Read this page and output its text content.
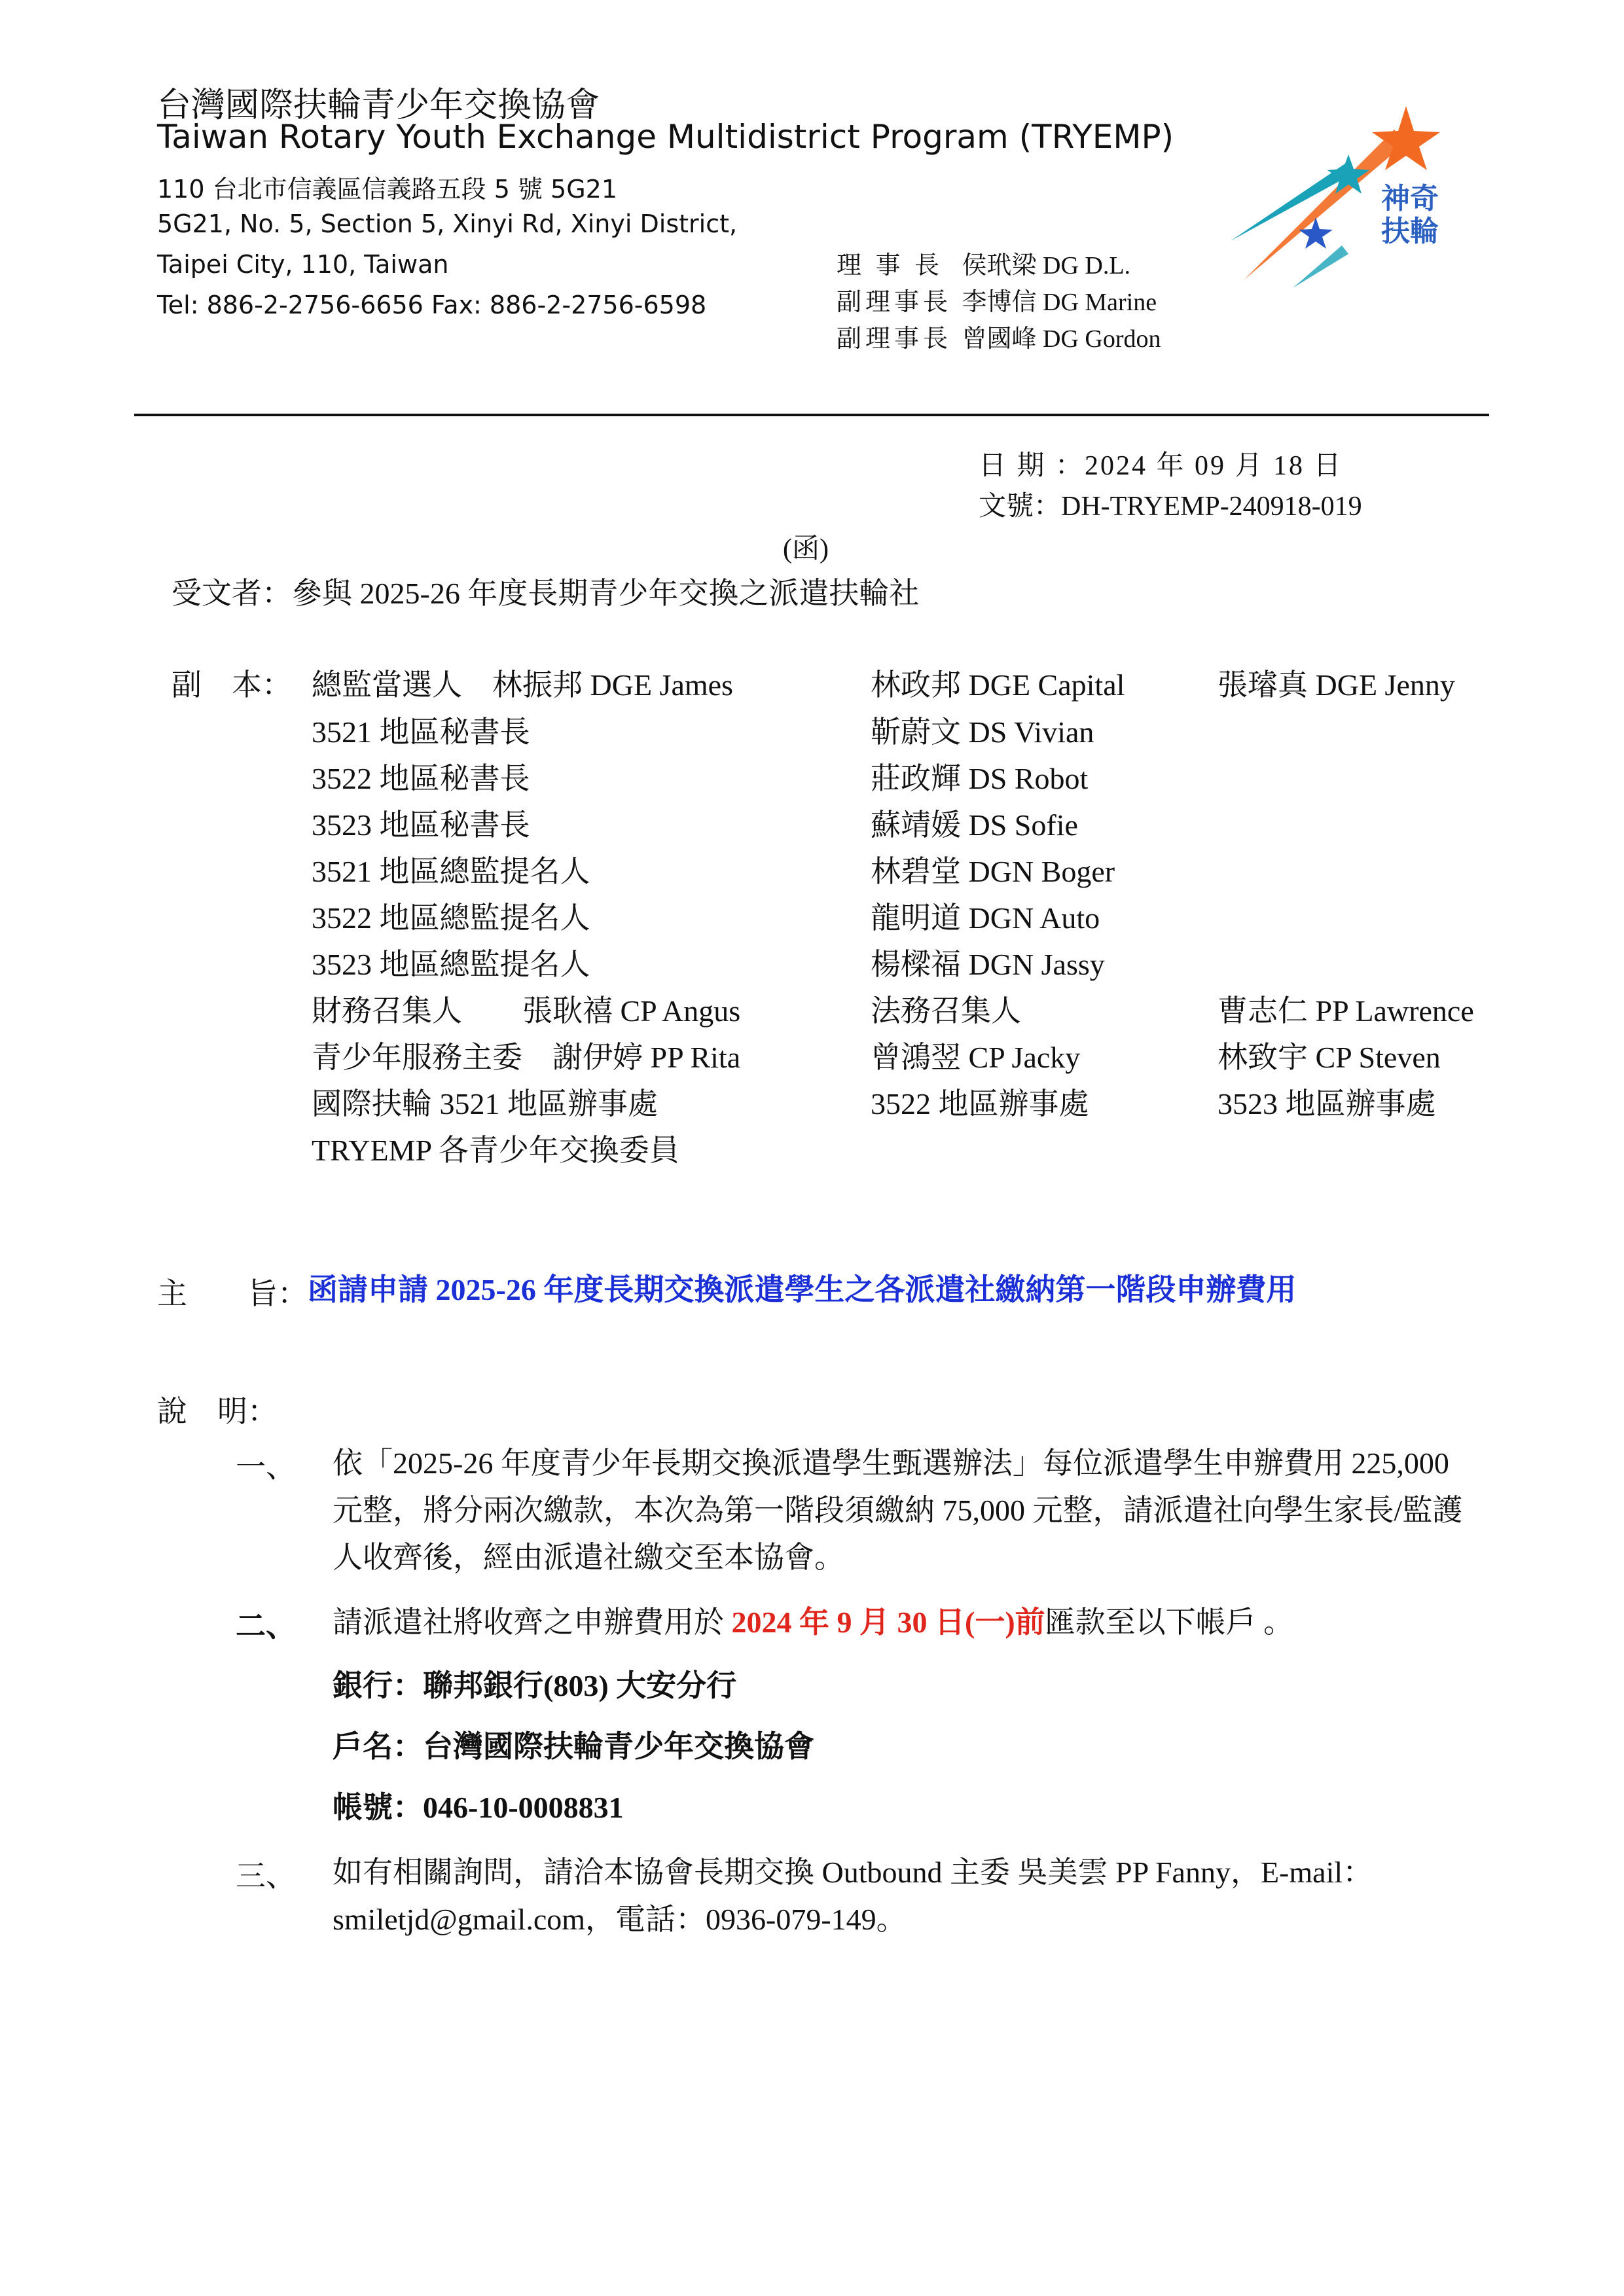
台灣國際扶輪青少年交換協會
Taiwan Rotary Youth Exchange Multidistrict Program (TRYEMP)
110 台北市信義區信義路五段 5 號 5G21
5G21, No. 5, Section 5, Xinyi Rd, Xinyi District,
Taipei City, 110, Taiwan
Tel: 886-2-2756-6656 Fax: 886-2-2756-6598
理 事 長 侯玳梁 DG D.L.
副理事長 李博信 DG Marine
副理事長 曾國峰 DG Gordon
神奇
扶輪
日 期 ：2024 年 09 月 18 日
文號：DH-TRYEMP-240918-019
(函)
受文者：參與 2025-26 年度長期青少年交換之派遣扶輪社
副　本： 總監當選人　林振邦 DGE James
3521 地區秘書長
3522 地區秘書長
3523 地區秘書長
3521 地區總監提名人
3522 地區總監提名人
3523 地區總監提名人
財務召集人　　張耿禧 CP Angus
青少年服務主委　謝伊婷 PP Rita
國際扶輪 3521 地區辦事處
TRYEMP 各青少年交換委員
林政邦 DGE Capital
靳蔚文 DS Vivian
莊政輝 DS Robot
蘇靖媛 DS Sofie
林碧堂 DGN Boger
龍明道 DGN Auto
楊樑福 DGN Jassy
法務召集人
曾鴻翌 CP Jacky
3522 地區辦事處
張璿真 DGE Jenny
曹志仁 PP Lawrence
林致宇 CP Steven
3523 地區辦事處
主　　旨： 函請申請 2025-26 年度長期交換派遣學生之各派遣社繳納第一階段申辦費用
說　明：
一、 依「2025-26 年度青少年長期交換派遣學生甄選辦法」每位派遣學生申辦費用 225,000 元整，將分兩次繳款，本次為第一階段須繳納 75,000 元整，請派遣社向學生家長/監護人收齊後，經由派遣社繳交至本協會。
二、 請派遣社將收齊之申辦費用於 2024 年 9 月 30 日(一)前匯款至以下帳戶 。
銀行：聯邦銀行(803) 大安分行
戶名：台灣國際扶輪青少年交換協會
帳號：046-10-0008831
三、 如有相關詢問，請洽本協會長期交換 Outbound 主委 吳美雲 PP Fanny，E-mail：smiletjd@gmail.com，電話：0936-079-149。
